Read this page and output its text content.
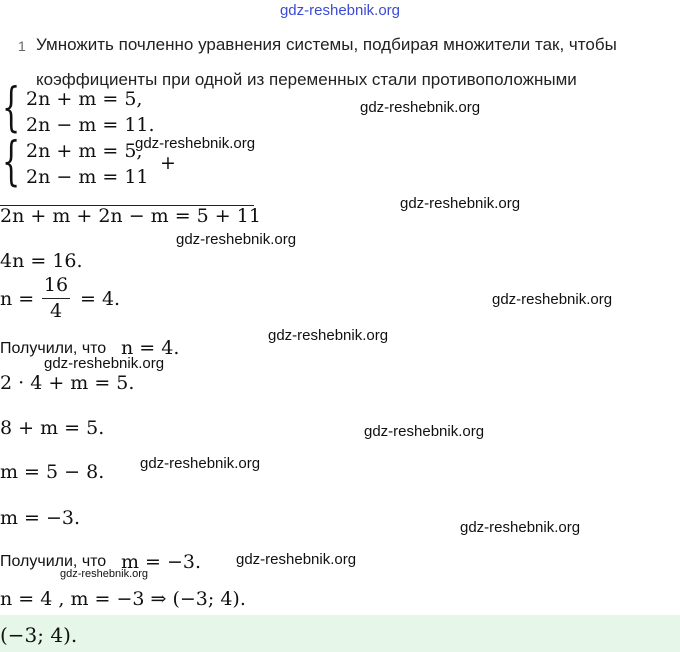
gdz-reshebnik.org
1 Умножить почленно уравнения системы, подбирая множители так, чтобы
коэффициенты при одной из переменных стали противоположными
{ 2n + m = 5,
2n − m = 11.
{ 2n + m = 5,
2n − m = 11
+
2n + m + 2n − m = 5 + 11
4n = 16.
n =
16
4
= 4.
Получили, что n = 4.
2 · 4 + m = 5.
8 + m = 5.
m = 5 − 8.
m = −3.
Получили, что m = −3.
n = 4 , m = −3 ⇒ (−3; 4).
(−3; 4).
gdz-reshebnik.org
gdz-reshebnik.org
gdz-reshebnik.org
gdz-reshebnik.org
gdz-reshebnik.org
gdz-reshebnik.org
gdz-reshebnik.org
gdz-reshebnik.org
gdz-reshebnik.org
gdz-reshebnik.org
gdz-reshebnik.org
gdz-reshebnik.org
